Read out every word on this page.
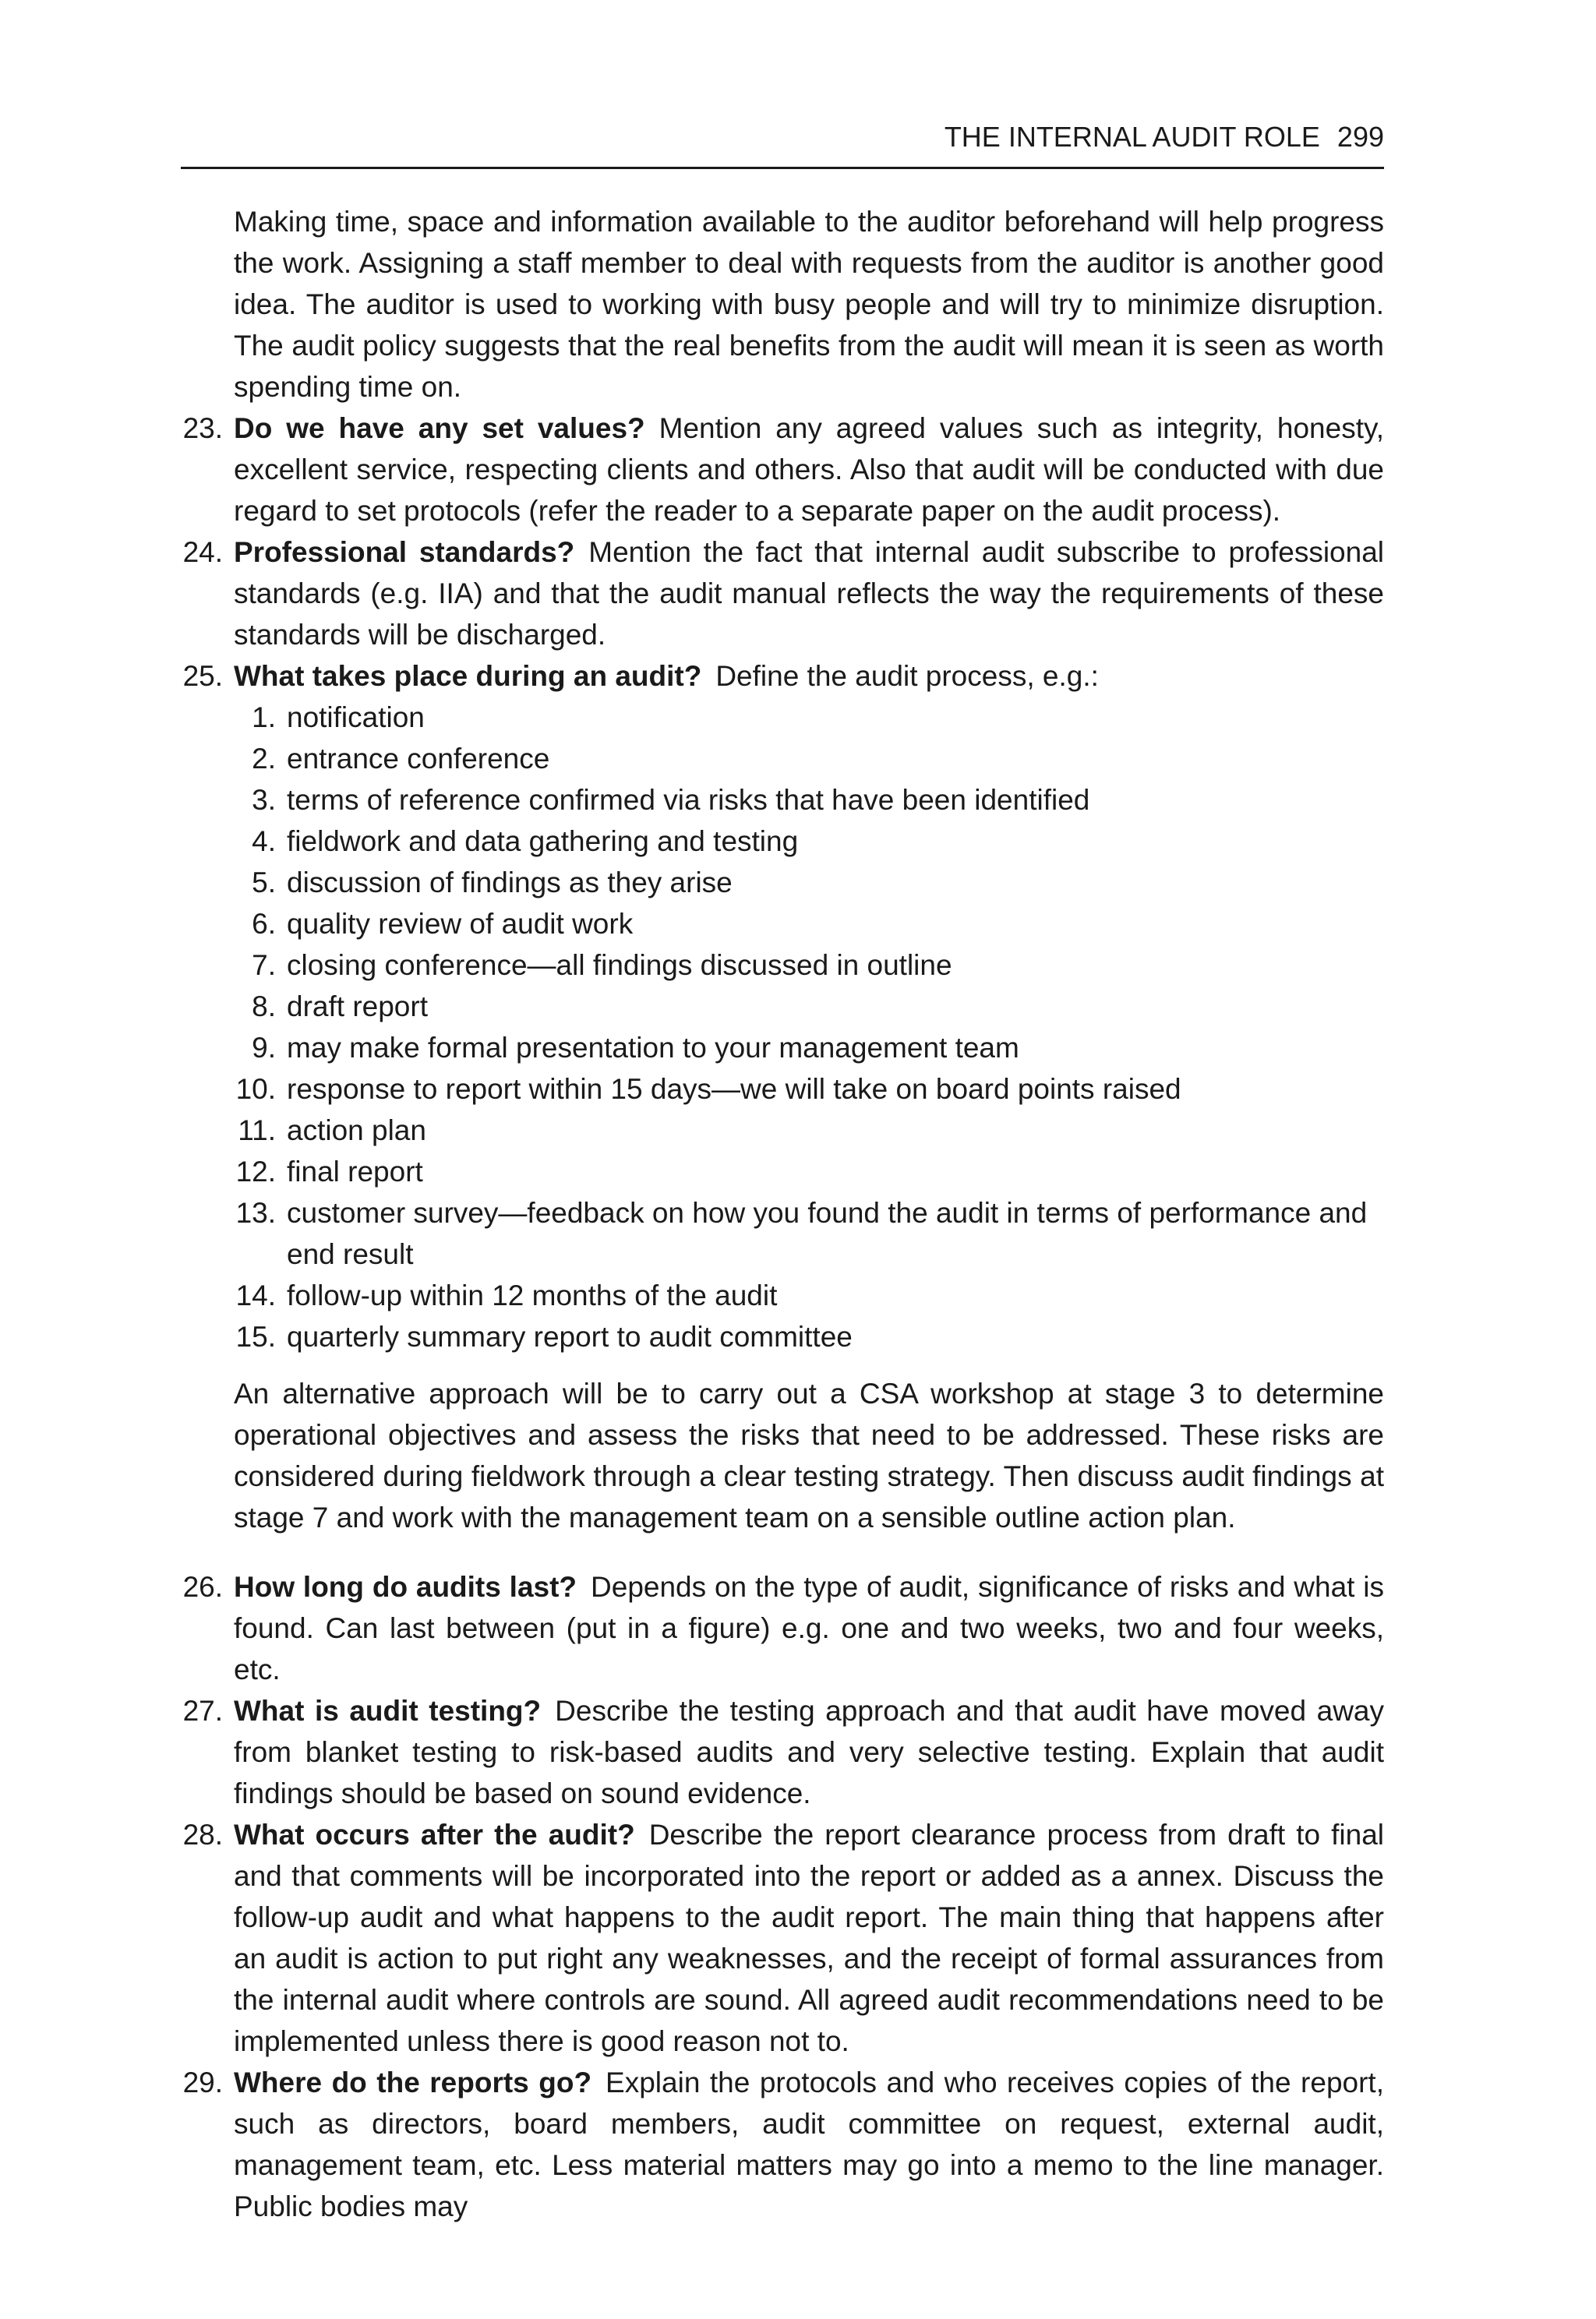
THE INTERNAL AUDIT ROLE 299

Making time, space and information available to the auditor beforehand will help progress the work. Assigning a staff member to deal with requests from the auditor is another good idea. The auditor is used to working with busy people and will try to minimize disruption. The audit policy suggests that the real benefits from the audit will mean it is seen as worth spending time on.

23. Do we have any set values? Mention any agreed values such as integrity, honesty, excellent service, respecting clients and others. Also that audit will be conducted with due regard to set protocols (refer the reader to a separate paper on the audit process).

24. Professional standards? Mention the fact that internal audit subscribe to professional standards (e.g. IIA) and that the audit manual reflects the way the requirements of these standards will be discharged.

25. What takes place during an audit? Define the audit process, e.g.:

1. notification
2. entrance conference
3. terms of reference confirmed via risks that have been identified
4. fieldwork and data gathering and testing
5. discussion of findings as they arise
6. quality review of audit work
7. closing conference—all findings discussed in outline
8. draft report
9. may make formal presentation to your management team
10. response to report within 15 days—we will take on board points raised
11. action plan
12. final report
13. customer survey—feedback on how you found the audit in terms of performance and end result
14. follow-up within 12 months of the audit
15. quarterly summary report to audit committee

An alternative approach will be to carry out a CSA workshop at stage 3 to determine operational objectives and assess the risks that need to be addressed. These risks are considered during fieldwork through a clear testing strategy. Then discuss audit findings at stage 7 and work with the management team on a sensible outline action plan.

26. How long do audits last? Depends on the type of audit, significance of risks and what is found. Can last between (put in a figure) e.g. one and two weeks, two and four weeks, etc.

27. What is audit testing? Describe the testing approach and that audit have moved away from blanket testing to risk-based audits and very selective testing. Explain that audit findings should be based on sound evidence.

28. What occurs after the audit? Describe the report clearance process from draft to final and that comments will be incorporated into the report or added as a annex. Discuss the follow-up audit and what happens to the audit report. The main thing that happens after an audit is action to put right any weaknesses, and the receipt of formal assurances from the internal audit where controls are sound. All agreed audit recommendations need to be implemented unless there is good reason not to.

29. Where do the reports go? Explain the protocols and who receives copies of the report, such as directors, board members, audit committee on request, external audit, management team, etc. Less material matters may go into a memo to the line manager. Public bodies may
